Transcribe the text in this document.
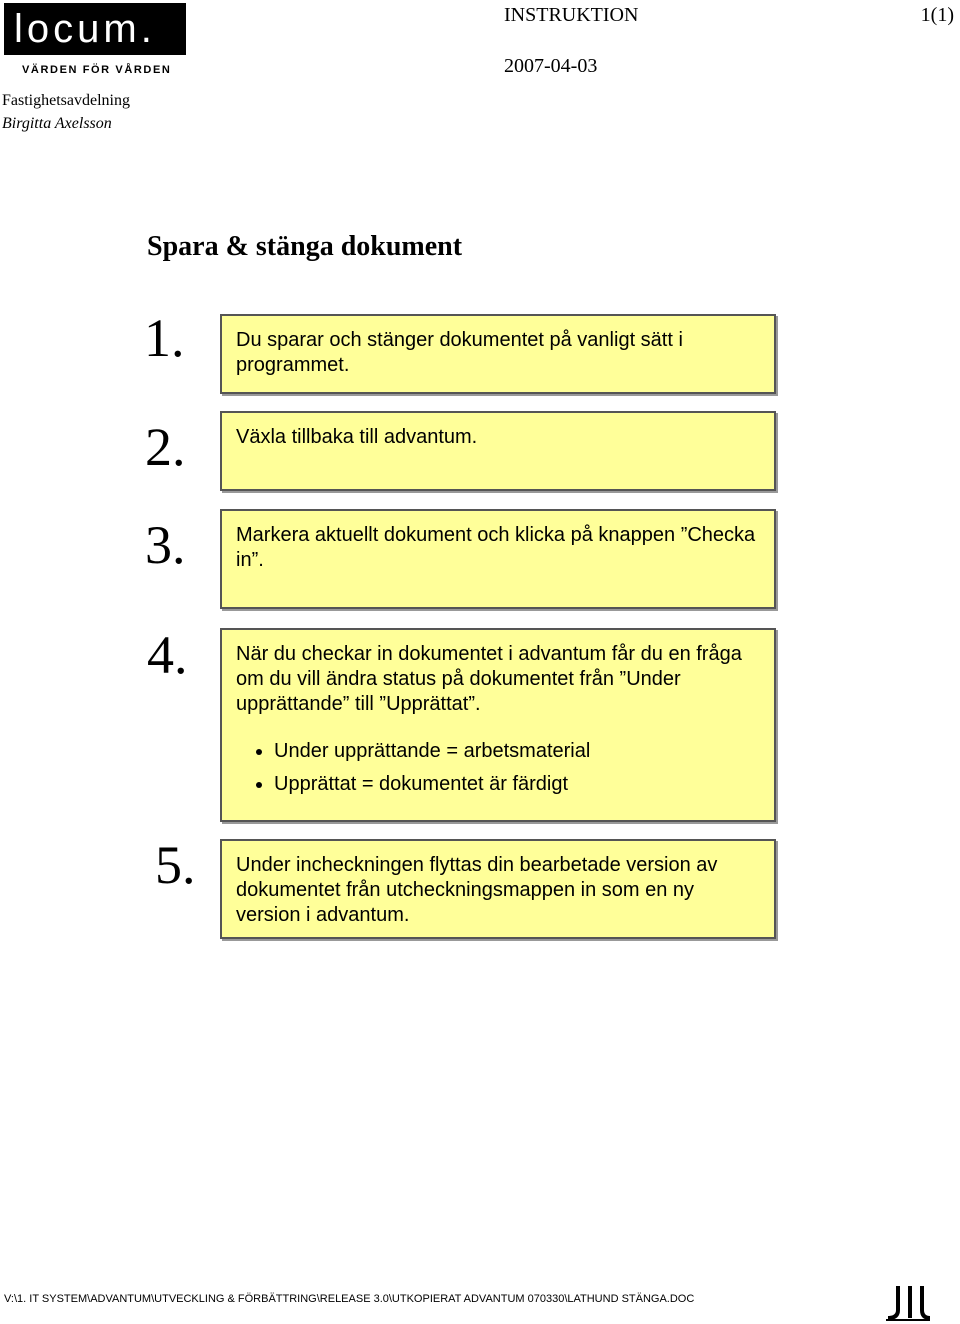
locum.
VÄRDEN FÖR VÅRDEN
INSTRUKTION	1(1)
2007-04-03
Fastighetsavdelning
Birgitta Axelsson
Spara & stänga dokument
1.	Du sparar och stänger dokumentet på vanligt sätt i programmet.
2.	Växla tillbaka till advantum.
3.	Markera aktuellt dokument och klicka på knappen ”Checka in”.
4.	När du checkar in dokumentet i advantum får du en fråga om du vill ändra status på dokumentet från ”Under upprättande” till ”Upprättat”.
• Under upprättande = arbetsmaterial
• Upprättat = dokumentet är färdigt
5.	Under incheckningen flyttas din bearbetade version av dokumentet från utcheckningsmappen in som en ny version i advantum.
V:\1. IT SYSTEM\ADVANTUM\UTVECKLING & FÖRBÄTTRING\RELEASE 3.0\UTKOPIERAT ADVANTUM 070330\LATHUND STÄNGA.DOC
